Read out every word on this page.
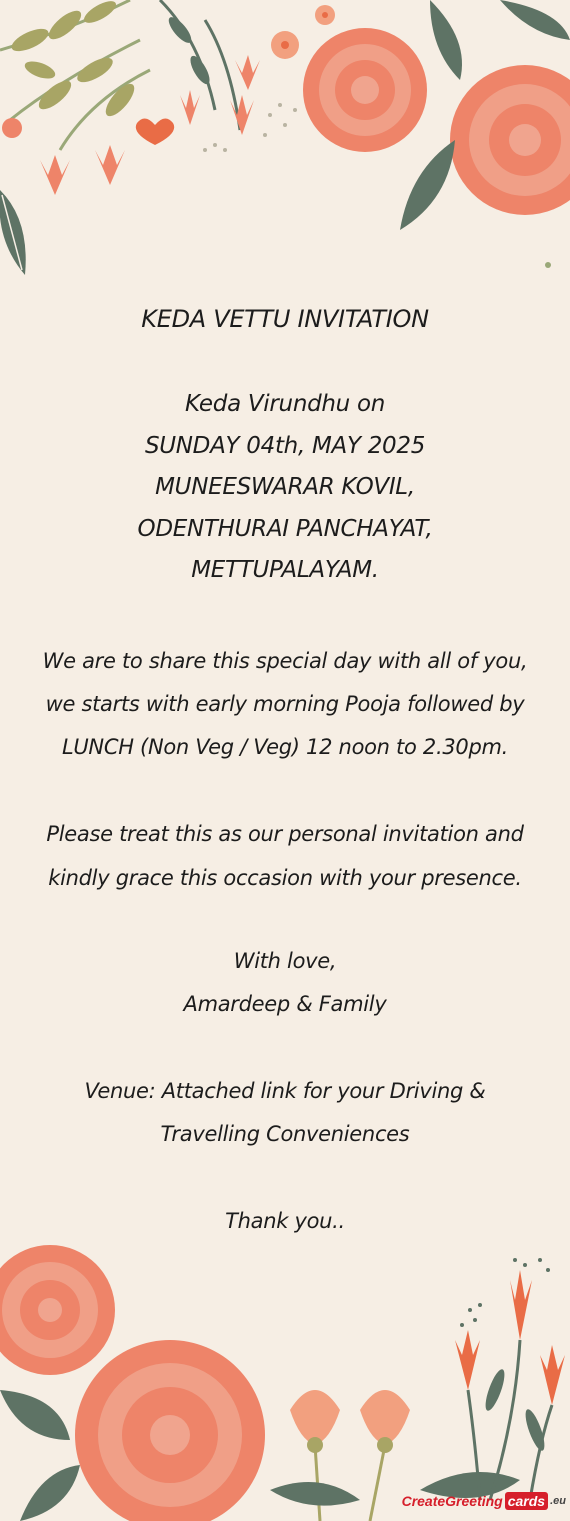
KEDA VETTU INVITATION
Keda Virundhu on
SUNDAY 04th, MAY 2025
MUNEESWARAR KOVIL,
ODENTHURAI PANCHAYAT,
METTUPALAYAM.
We are to share this special day with all of you,
we starts with early morning Pooja followed by
LUNCH (Non Veg / Veg) 12 noon to 2.30pm.
Please treat this as our personal invitation and
kindly grace this occasion with your presence.
With love,
Amardeep & Family
Venue: Attached link for your Driving &
Travelling Conveniences
Thank you..
CreateGreeting cards .eu
